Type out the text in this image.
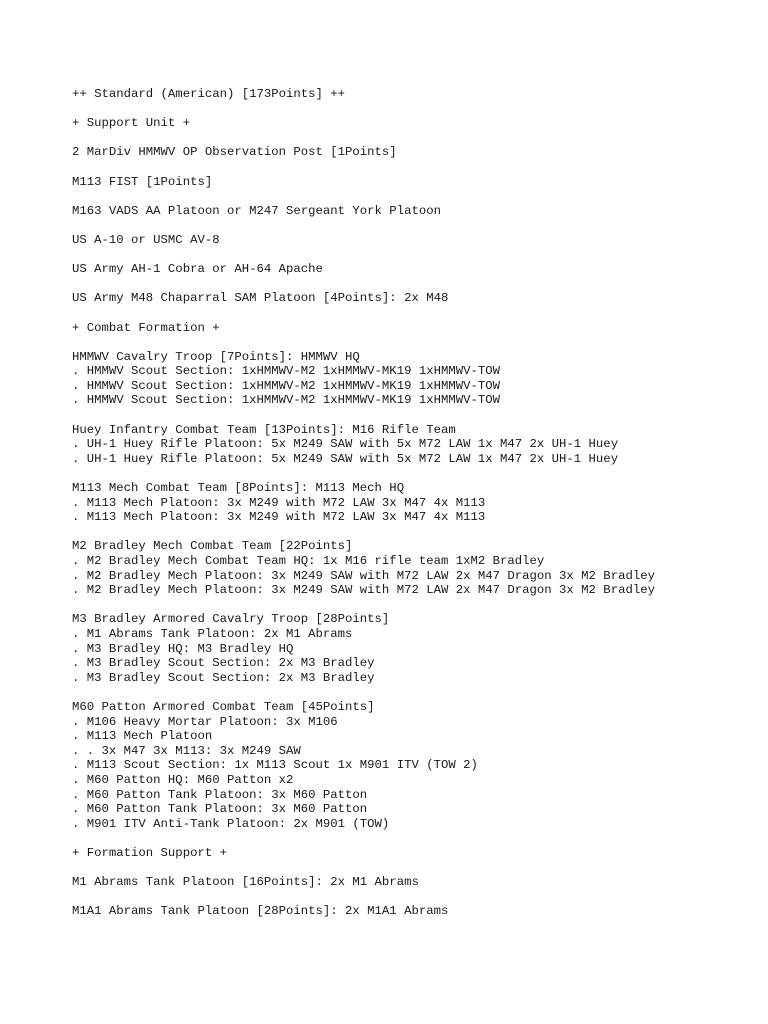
++ Standard (American) [173Points] ++
+ Support Unit +
2 MarDiv HMMWV OP Observation Post [1Points]
M113 FIST [1Points]
M163 VADS AA Platoon or M247 Sergeant York Platoon
US A-10 or USMC AV-8
US Army AH-1 Cobra or AH-64 Apache
US Army M48 Chaparral SAM Platoon [4Points]: 2x M48
+ Combat Formation +
HMMWV Cavalry Troop [7Points]: HMMWV HQ
. HMMWV Scout Section: 1xHMMWV-M2 1xHMMWV-MK19 1xHMMWV-TOW
. HMMWV Scout Section: 1xHMMWV-M2 1xHMMWV-MK19 1xHMMWV-TOW
. HMMWV Scout Section: 1xHMMWV-M2 1xHMMWV-MK19 1xHMMWV-TOW
Huey Infantry Combat Team [13Points]: M16 Rifle Team
. UH-1 Huey Rifle Platoon: 5x M249 SAW with 5x M72 LAW 1x M47 2x UH-1 Huey
. UH-1 Huey Rifle Platoon: 5x M249 SAW with 5x M72 LAW 1x M47 2x UH-1 Huey
M113 Mech Combat Team [8Points]: M113 Mech HQ
. M113 Mech Platoon: 3x M249 with M72 LAW 3x M47 4x M113
. M113 Mech Platoon: 3x M249 with M72 LAW 3x M47 4x M113
M2 Bradley Mech Combat Team [22Points]
. M2 Bradley Mech Combat Team HQ: 1x M16 rifle team 1xM2 Bradley
. M2 Bradley Mech Platoon: 3x M249 SAW with M72 LAW 2x M47 Dragon 3x M2 Bradley
. M2 Bradley Mech Platoon: 3x M249 SAW with M72 LAW 2x M47 Dragon 3x M2 Bradley
M3 Bradley Armored Cavalry Troop [28Points]
. M1 Abrams Tank Platoon: 2x M1 Abrams
. M3 Bradley HQ: M3 Bradley HQ
. M3 Bradley Scout Section: 2x M3 Bradley
. M3 Bradley Scout Section: 2x M3 Bradley
M60 Patton Armored Combat Team [45Points]
. M106 Heavy Mortar Platoon: 3x M106
. M113 Mech Platoon
. . 3x M47 3x M113: 3x M249 SAW
. M113 Scout Section: 1x M113 Scout 1x M901 ITV (TOW 2)
. M60 Patton HQ: M60 Patton x2
. M60 Patton Tank Platoon: 3x M60 Patton
. M60 Patton Tank Platoon: 3x M60 Patton
. M901 ITV Anti-Tank Platoon: 2x M901 (TOW)
+ Formation Support +
M1 Abrams Tank Platoon [16Points]: 2x M1 Abrams
M1A1 Abrams Tank Platoon [28Points]: 2x M1A1 Abrams
